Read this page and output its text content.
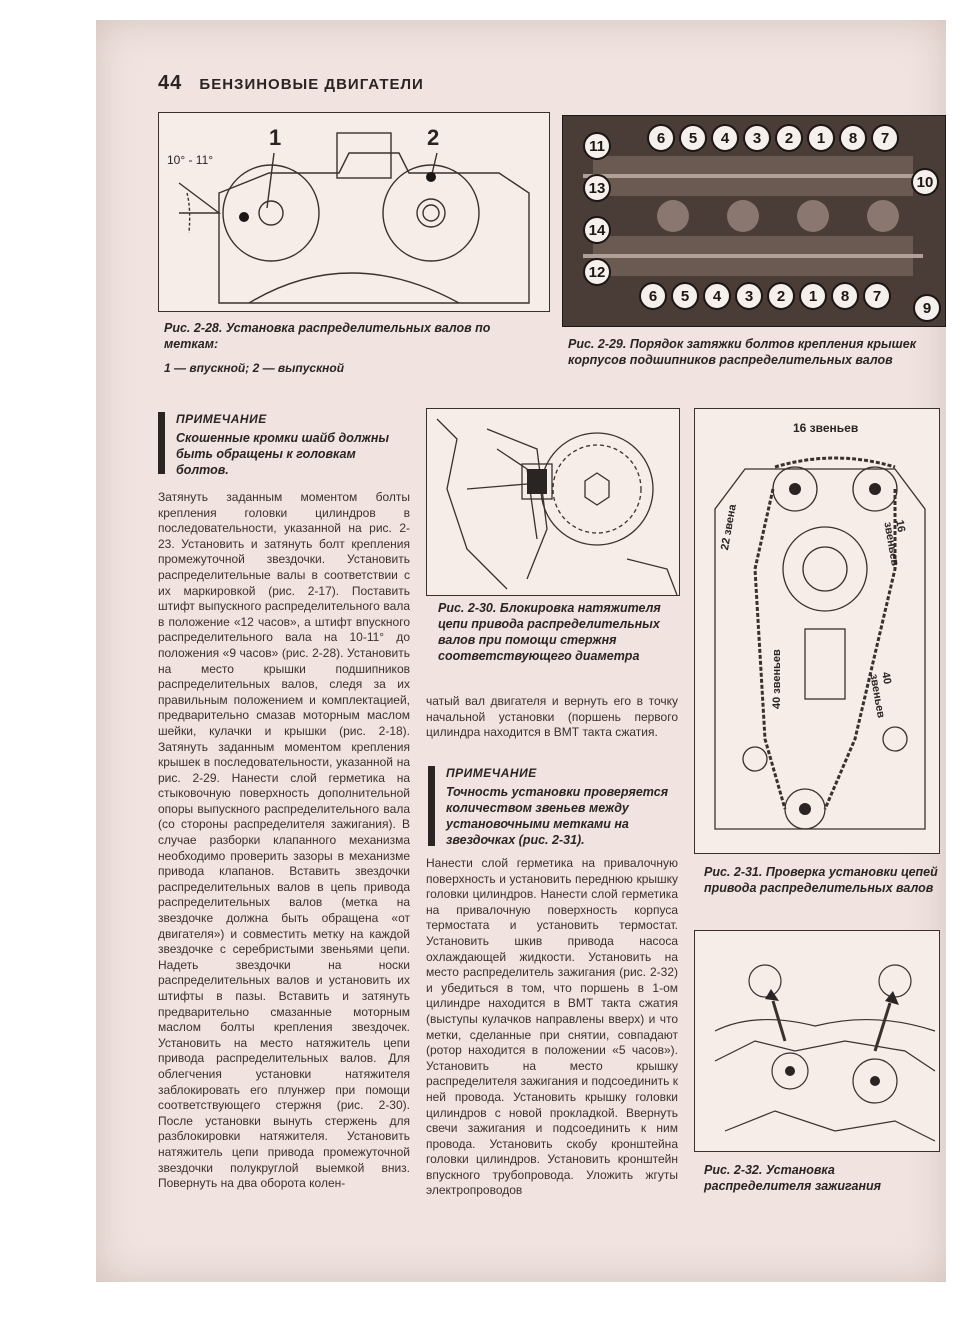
44 БЕНЗИНОВЫЕ ДВИГАТЕЛИ
10° - 11°
1	2
Рис. 2-28. Установка распределительных валов по меткам:
1 — впускной; 2 — выпускной
6	5	4	3	2	1	8	7
6	5	4	3	2	1	8	7
11
13
14
12
10
9
Рис. 2-29. Порядок затяжки болтов крепления крышек корпусов подшипников распределительных валов
ПРИМЕЧАНИЕ
Скошенные кромки шайб должны быть обращены к головкам болтов.

Затянуть заданным моментом болты крепления головки цилиндров в последовательности, указанной на рис. 2-23. Установить и затянуть болт крепления промежуточной звездочки. Установить распределительные валы в соответствии с их маркировкой (рис. 2-17). Поставить штифт выпускного распределительного вала в положение «12 часов», а штифт впускного распределительного вала на 10-11° до положения «9 часов» (рис. 2-28). Установить на место крышки подшипников распределительных валов, следя за их правильным положением и комплектацией, предварительно смазав моторным маслом шейки, кулачки и крышки (рис. 2-18). Затянуть заданным моментом крепления крышек в последовательности, указанной на рис. 2-29. Нанести слой герметика на стыковочную поверхность дополнительной опоры выпускного распределительного вала (со стороны распределителя зажигания). В случае разборки клапанного механизма необходимо проверить зазоры в механизме привода клапанов. Вставить звездочки распределительных валов в цепь привода распределительных валов (метка на звездочке должна быть обращена «от двигателя») и совместить метку на каждой звездочке с серебристыми звеньями цепи. Надеть звездочки на носки распределительных валов и установить их штифты в пазы. Вставить и затянуть предварительно смазанные моторным маслом болты крепления звездочек. Установить на место натяжитель цепи привода распределительных валов. Для облегчения установки натяжителя заблокировать его плунжер при помощи соответствующего стержня (рис. 2-30). После установки вынуть стержень для разблокировки натяжителя. Установить натяжитель цепи привода промежуточной звездочки полукруглой выемкой вниз. Повернуть на два оборота колен-

Рис. 2-30. Блокировка натяжителя цепи привода распределительных валов при помощи стержня соответствующего диаметра

чатый вал двигателя и вернуть его в точку начальной установки (поршень первого цилиндра находится в ВМТ такта сжатия.

ПРИМЕЧАНИЕ
Точность установки проверяется количеством звеньев между установочными метками на звездочках (рис. 2-31).

Нанести слой герметика на привалочную поверхность и установить переднюю крышку головки цилиндров. Нанести слой герметика на привалочную поверхность корпуса термостата и установить термостат. Установить шкив привода насоса охлаждающей жидкости. Установить на место распределитель зажигания (рис. 2-32) и убедиться в том, что поршень в 1-ом цилиндре находится в ВМТ такта сжатия (выступы кулачков направлены вверх) и что метки, сделанные при снятии, совпадают (ротор находится в положении «5 часов»). Установить на место крышку распределителя зажигания и подсоединить к ней провода. Установить крышку головки цилиндров с новой прокладкой. Ввернуть свечи зажигания и подсоединить к ним провода. Установить скобу кронштейна головки цилиндров. Установить кронштейн впускного трубопровода. Уложить жгуты электропроводов

16 звеньев
22 звена	16 звеньев
40 звеньев	40 звеньев
Рис. 2-31. Проверка установки цепей привода распределительных валов
Рис. 2-32. Установка распределителя зажигания
